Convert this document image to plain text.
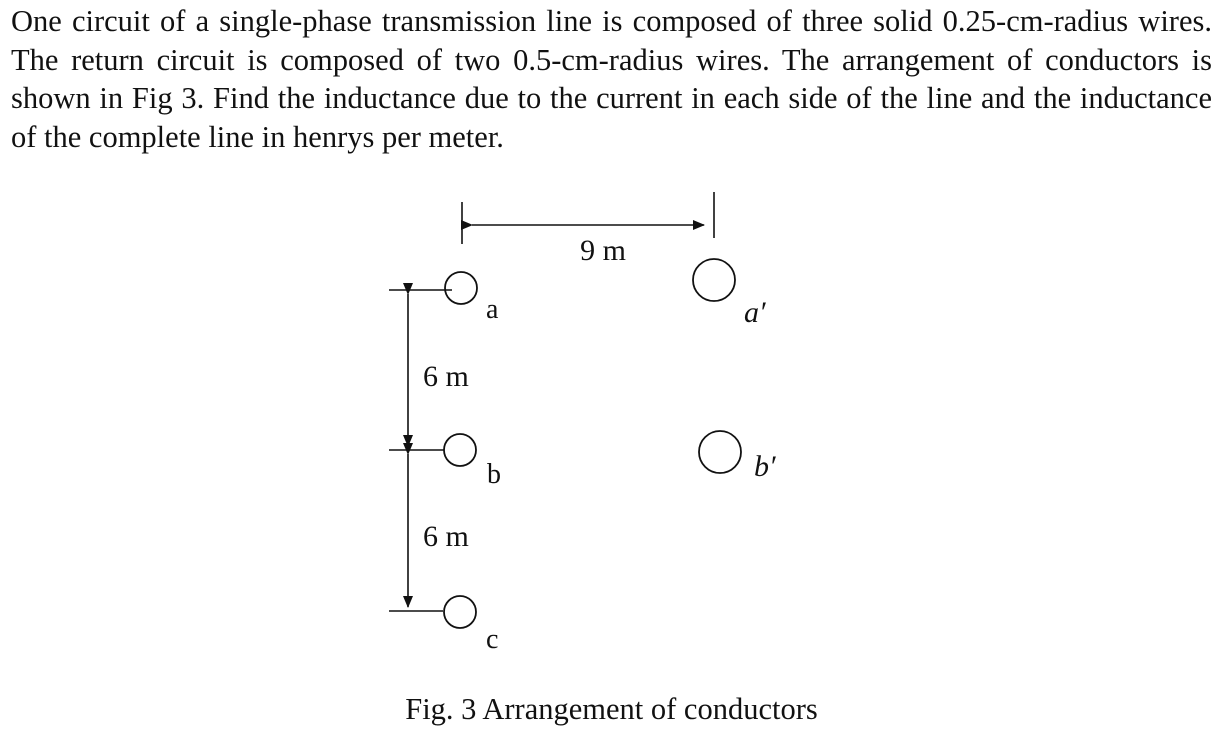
One circuit of a single-phase transmission line is composed of three solid 0.25-cm-radius wires. The return circuit is composed of two 0.5-cm-radius wires. The arrangement of conductors is shown in Fig 3. Find the inductance due to the current in each side of the line and the inductance of the complete line in henrys per meter.

9 m
6 m
6 m
a
b
c
a′
b′
Fig. 3 Arrangement of conductors
